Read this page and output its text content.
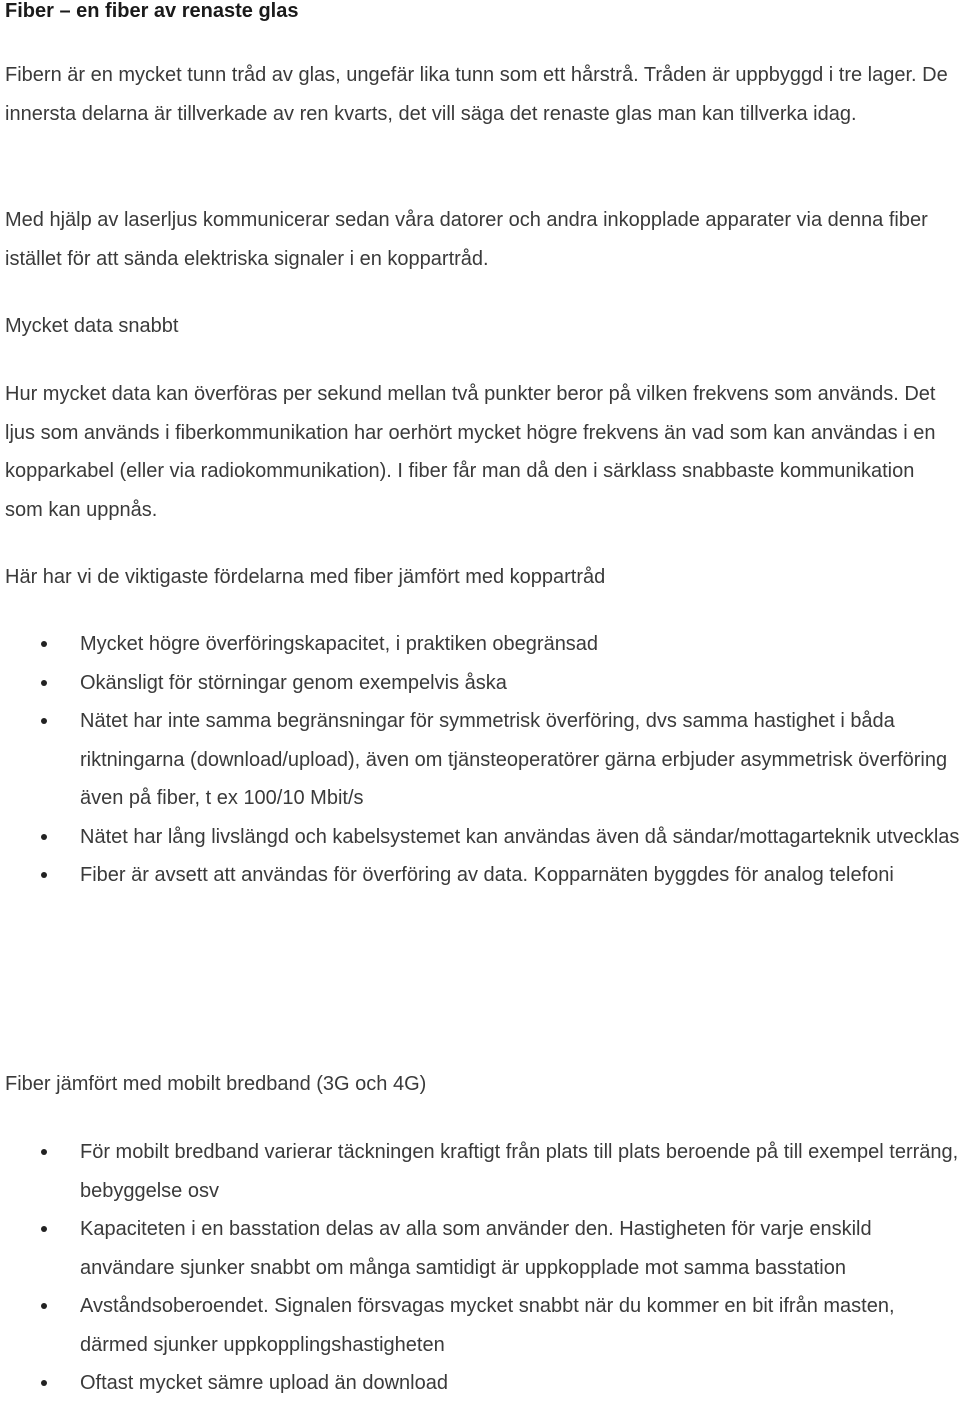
Fiber – en fiber av renaste glas

Fibern är en mycket tunn tråd av glas, ungefär lika tunn som ett hårstrå. Tråden är uppbyggd i tre lager. De innersta delarna är tillverkade av ren kvarts, det vill säga det renaste glas man kan tillverka idag.

Med hjälp av laserljus kommunicerar sedan våra datorer och andra inkopplade apparater via denna fiber istället för att sända elektriska signaler i en koppartråd.

Mycket data snabbt

Hur mycket data kan överföras per sekund mellan två punkter beror på vilken frekvens som används. Det ljus som används i fiberkommunikation har oerhört mycket högre frekvens än vad som kan användas i en kopparkabel (eller via radiokommunikation). I fiber får man då den i särklass snabbaste kommunikation som kan uppnås.

Här har vi de viktigaste fördelarna med fiber jämfört med koppartråd

Mycket högre överföringskapacitet, i praktiken obegränsad
Okänsligt för störningar genom exempelvis åska
Nätet har inte samma begränsningar för symmetrisk överföring, dvs samma hastighet i båda riktningarna (download/upload), även om tjänsteoperatörer gärna erbjuder asymmetrisk överföring även på fiber, t ex 100/10 Mbit/s
Nätet har lång livslängd och kabelsystemet kan användas även då sändar/mottagarteknik utvecklas
Fiber är avsett att användas för överföring av data. Kopparnäten byggdes för analog telefoni

Fiber jämfört med mobilt bredband (3G och 4G)

För mobilt bredband varierar täckningen kraftigt från plats till plats beroende på till exempel terräng, bebyggelse osv
Kapaciteten i en basstation delas av alla som använder den. Hastigheten för varje enskild användare sjunker snabbt om många samtidigt är uppkopplade mot samma basstation
Avståndsoberoendet. Signalen försvagas mycket snabbt när du kommer en bit ifrån masten, därmed sjunker uppkopplingshastigheten
Oftast mycket sämre upload än download
